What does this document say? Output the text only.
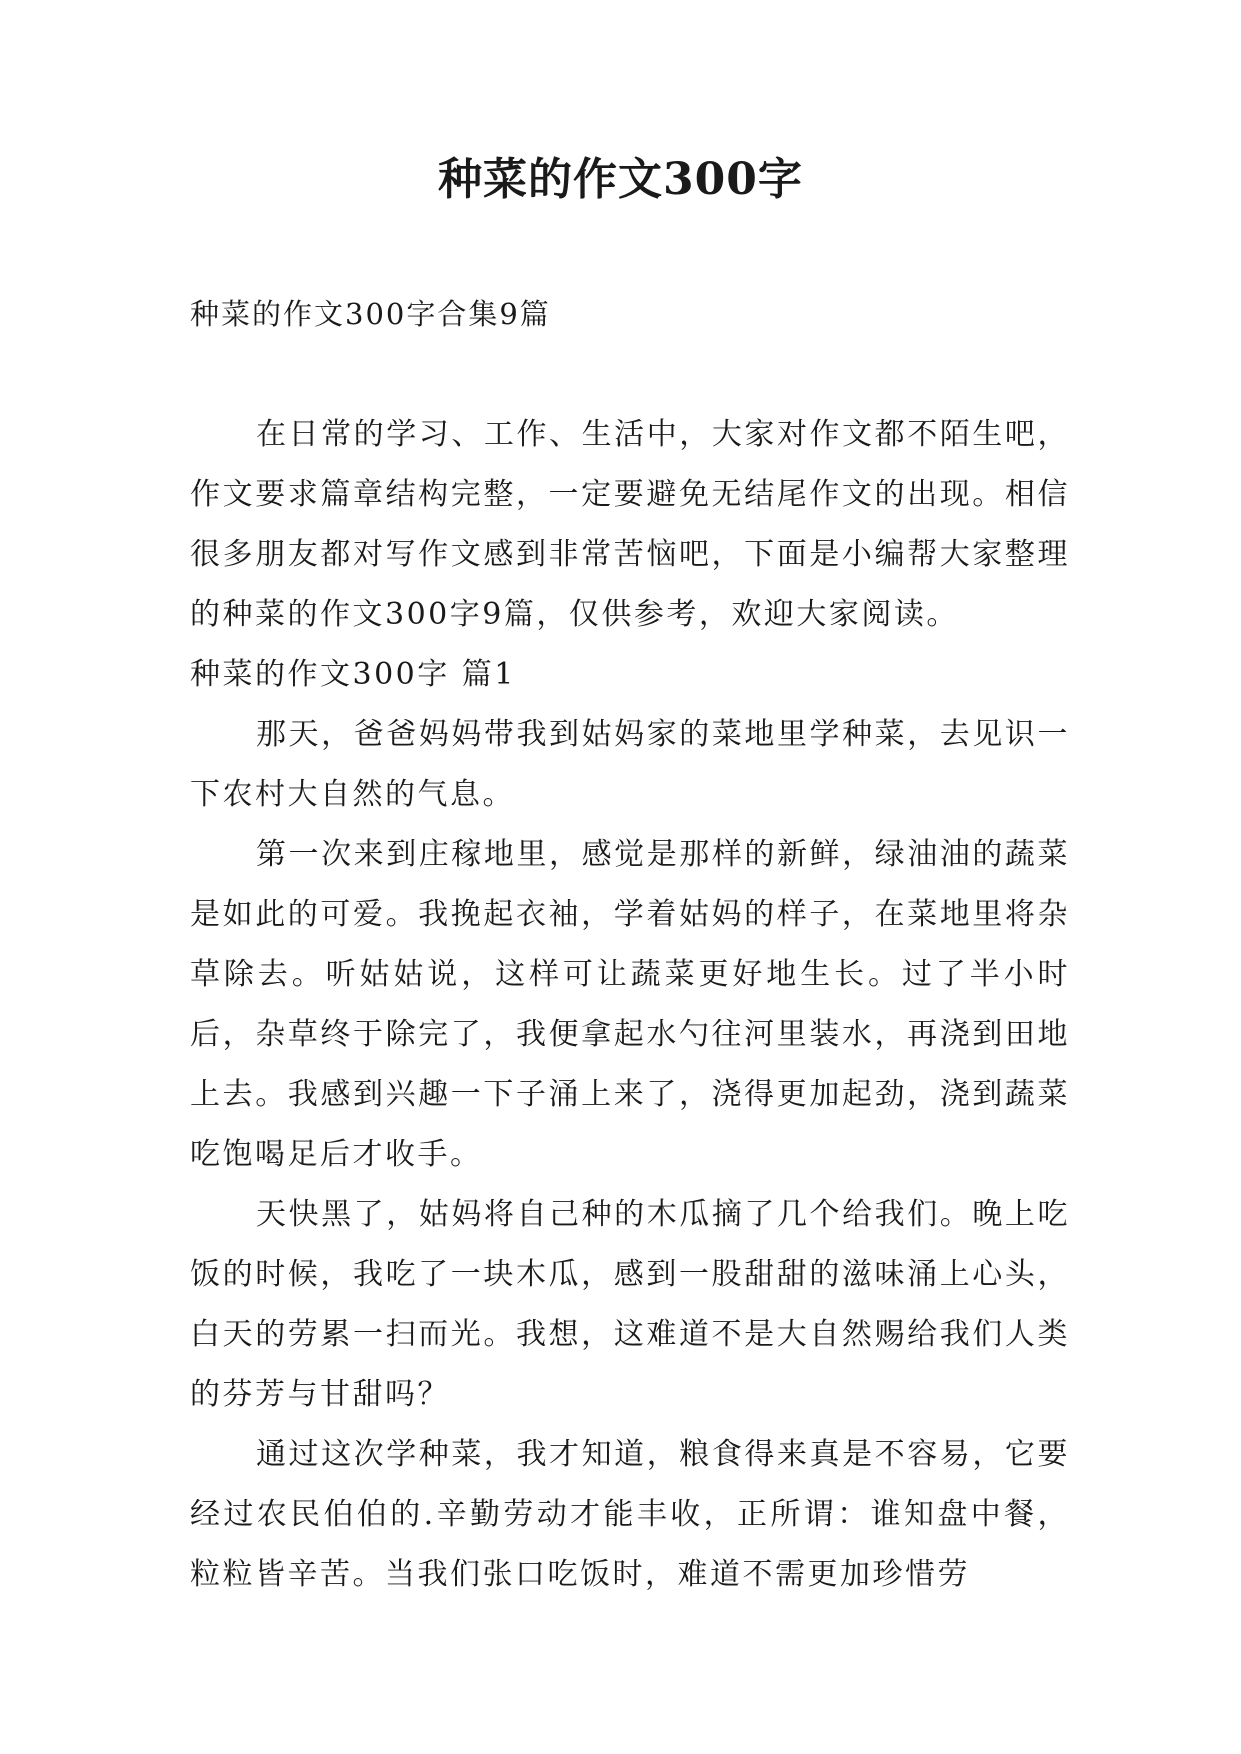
种菜的作文300字
种菜的作文300字合集9篇

在日常的学习、工作、生活中，大家对作文都不陌生吧，作文要求篇章结构完整，一定要避免无结尾作文的出现。相信很多朋友都对写作文感到非常苦恼吧，下面是小编帮大家整理的种菜的作文300字9篇，仅供参考，欢迎大家阅读。

种菜的作文300字 篇1

那天，爸爸妈妈带我到姑妈家的菜地里学种菜，去见识一下农村大自然的气息。

第一次来到庄稼地里，感觉是那样的新鲜，绿油油的蔬菜是如此的可爱。我挽起衣袖，学着姑妈的样子，在菜地里将杂草除去。听姑姑说，这样可让蔬菜更好地生长。过了半小时后，杂草终于除完了，我便拿起水勺往河里装水，再浇到田地上去。我感到兴趣一下子涌上来了，浇得更加起劲，浇到蔬菜吃饱喝足后才收手。

天快黑了，姑妈将自己种的木瓜摘了几个给我们。晚上吃饭的时候，我吃了一块木瓜，感到一股甜甜的滋味涌上心头，白天的劳累一扫而光。我想，这难道不是大自然赐给我们人类的芬芳与甘甜吗？

通过这次学种菜，我才知道，粮食得来真是不容易，它要经过农民伯伯的.辛勤劳动才能丰收，正所谓：谁知盘中餐，粒粒皆辛苦。当我们张口吃饭时，难道不需更加珍惜劳
